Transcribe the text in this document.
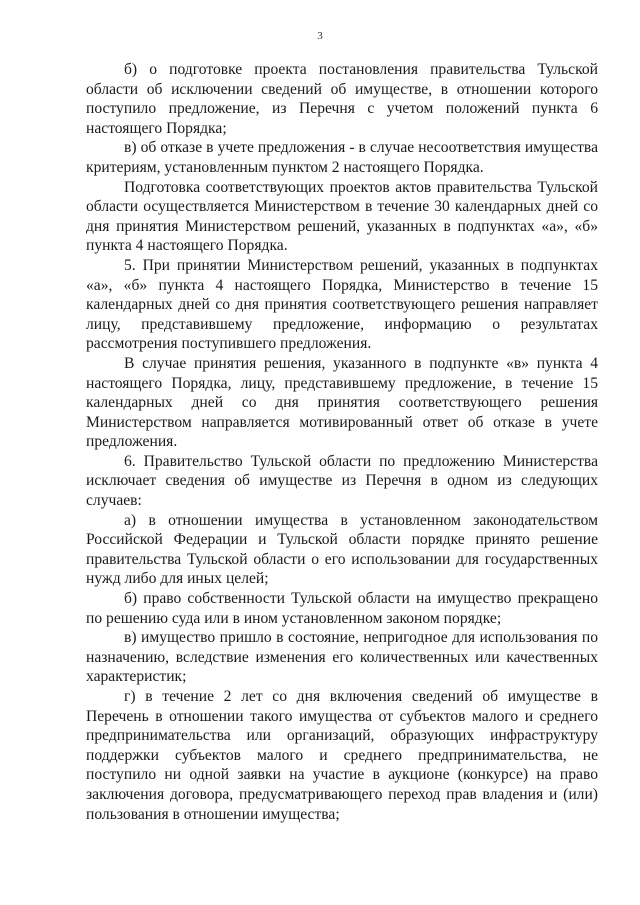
3

б) о подготовке проекта постановления правительства Тульской области об исключении сведений об имуществе, в отношении которого поступило предложение, из Перечня с учетом положений пункта 6 настоящего Порядка;

в) об отказе в учете предложения - в случае несоответствия имущества критериям, установленным пунктом 2 настоящего Порядка.

Подготовка соответствующих проектов актов правительства Тульской области осуществляется Министерством в течение 30 календарных дней со дня принятия Министерством решений, указанных в подпунктах «а», «б» пункта 4 настоящего Порядка.

5. При принятии Министерством решений, указанных в подпунктах «а», «б» пункта 4 настоящего Порядка, Министерство в течение 15 календарных дней со дня принятия соответствующего решения направляет лицу, представившему предложение, информацию о результатах рассмотрения поступившего предложения.

В случае принятия решения, указанного в подпункте «в» пункта 4 настоящего Порядка, лицу, представившему предложение, в течение 15 календарных дней со дня принятия соответствующего решения Министерством направляется мотивированный ответ об отказе в учете предложения.

6. Правительство Тульской области по предложению Министерства исключает сведения об имуществе из Перечня в одном из следующих случаев:

а) в отношении имущества в установленном законодательством Российской Федерации и Тульской области порядке принято решение правительства Тульской области о его использовании для государственных нужд либо для иных целей;

б) право собственности Тульской области на имущество прекращено по решению суда или в ином установленном законом порядке;

в) имущество пришло в состояние, непригодное для использования по назначению, вследствие изменения его количественных или качественных характеристик;

г) в течение 2 лет со дня включения сведений об имуществе в Перечень в отношении такого имущества от субъектов малого и среднего предпринимательства или организаций, образующих инфраструктуру поддержки субъектов малого и среднего предпринимательства, не поступило ни одной заявки на участие в аукционе (конкурсе) на право заключения договора, предусматривающего переход прав владения и (или) пользования в отношении имущества;
